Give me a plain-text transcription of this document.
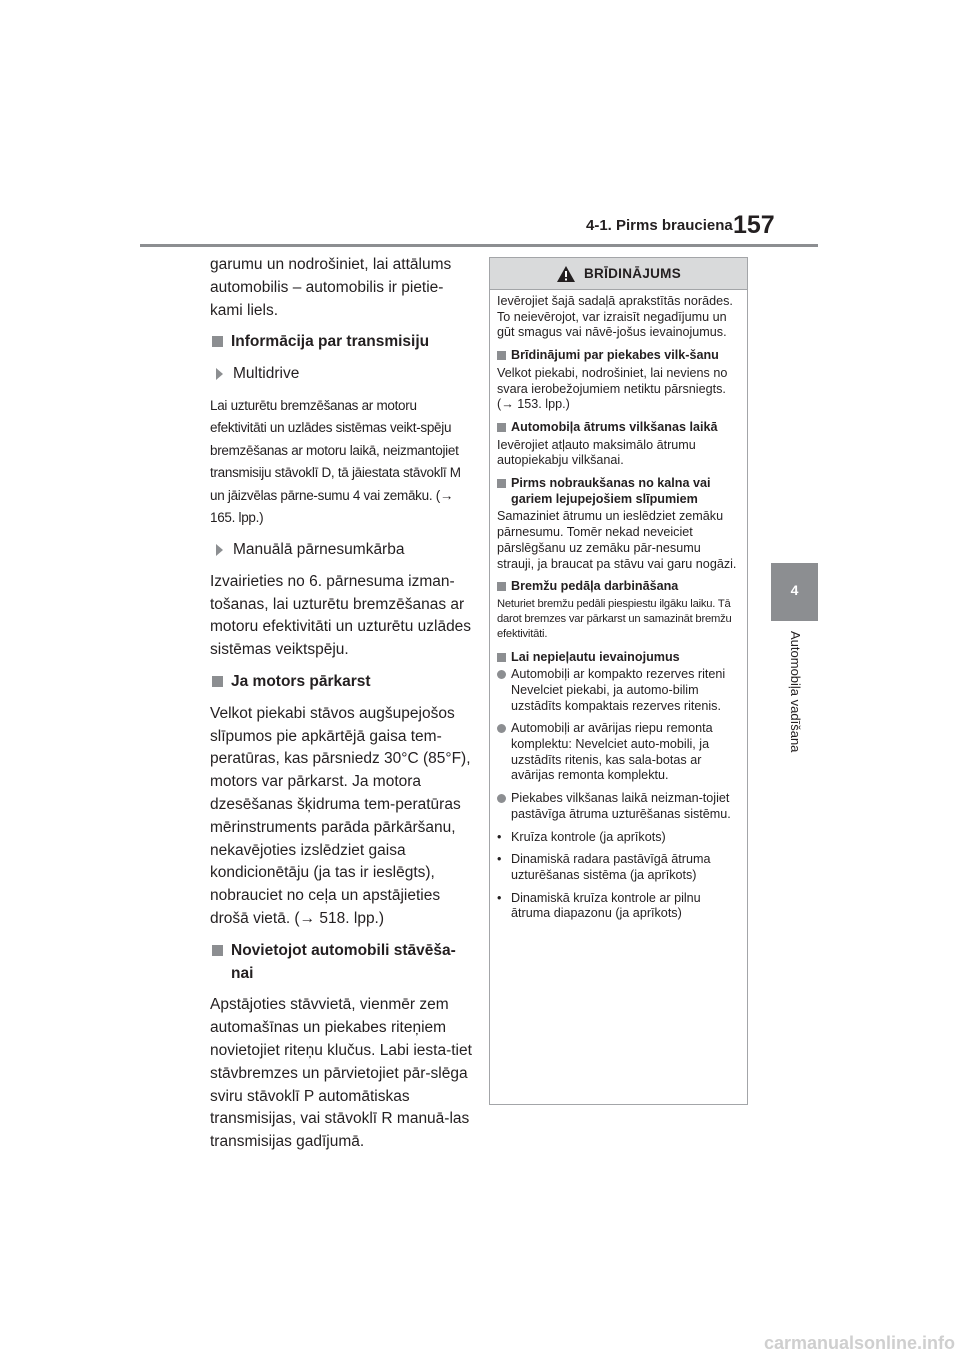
4-1. Pirms brauciena 157
4
Automobiļa vadīšana

garumu un nodrošiniet, lai attālums automobilis – automobilis ir pietie-kami liels.

Informācija par transmisiju
Multidrive

Lai uzturētu bremzēšanas ar motoru efektivitāti un uzlādes sistēmas veikt-spēju bremzēšanas ar motoru laikā, neizmantojiet transmisiju stāvoklī D, tā jāiestata stāvoklī M un jāizvēlas pārne-sumu 4 vai zemāku. (→ 165. lpp.)

Manuālā pārnesumkārba

Izvairieties no 6. pārnesuma izman-tošanas, lai uzturētu bremzēšanas ar motoru efektivitāti un uzturētu uzlādes sistēmas veiktspēju.

Ja motors pārkarst

Velkot piekabi stāvos augšupejošos slīpumos pie apkārtējā gaisa tem-peratūras, kas pārsniedz 30°C (85°F), motors var pārkarst. Ja motora dzesēšanas šķidruma tem-peratūras mērinstruments parāda pārkāršanu, nekavējoties izslēdziet gaisa kondicionētāju (ja tas ir ieslēgts), nobrauciet no ceļa un apstājieties drošā vietā. (→ 518. lpp.)

Novietojot automobili stāvēša-nai

Apstājoties stāvvietā, vienmēr zem automašīnas un piekabes riteņiem novietojiet riteņu klučus. Labi iesta-tiet stāvbremzes un pārvietojiet pār-slēga sviru stāvoklī P automātiskas transmisijas, vai stāvoklī R manuā-las transmisijas gadījumā.

BRĪDINĀJUMS

Ievērojiet šajā sadaļā aprakstītās norādes. To neievērojot, var izraisīt negadījumu un gūt smagus vai nāvē-jošus ievainojumus.

Brīdinājumi par piekabes vilk-šanu

Velkot piekabi, nodrošiniet, lai neviens no svara ierobežojumiem netiktu pārsniegts. (→ 153. lpp.)

Automobiļa ātrums vilkšanas laikā

Ievērojiet atļauto maksimālo ātrumu autopiekabju vilkšanai.

Pirms nobraukšanas no kalna vai gariem lejupejošiem slīpumiem

Samaziniet ātrumu un ieslēdziet zemāku pārnesumu. Tomēr nekad neveiciet pārslēgšanu uz zemāku pār-nesumu strauji, ja braucat pa stāvu vai garu nogāzi.

Bremžu pedāļa darbināšana

Neturiet bremžu pedāli piespiestu ilgāku laiku. Tā darot bremzes var pārkarst un samazināt bremžu efektivitāti.

Lai nepieļautu ievainojumus
Automobiļi ar kompakto rezerves riteni Nevelciet piekabi, ja automo-bilim uzstādīts kompaktais rezerves ritenis.
Automobiļi ar avārijas riepu remonta komplektu: Nevelciet auto-mobili, ja uzstādīts ritenis, kas sala-botas ar avārijas remonta komplektu.
Piekabes vilkšanas laikā neizman-tojiet pastāvīga ātruma uzturēšanas sistēmu.
• Kruīza kontrole (ja aprīkots)
• Dinamiskā radara pastāvīgā ātruma uzturēšanas sistēma (ja aprīkots)
• Dinamiskā kruīza kontrole ar pilnu ātruma diapazonu (ja aprīkots)
carmanualsonline.info
